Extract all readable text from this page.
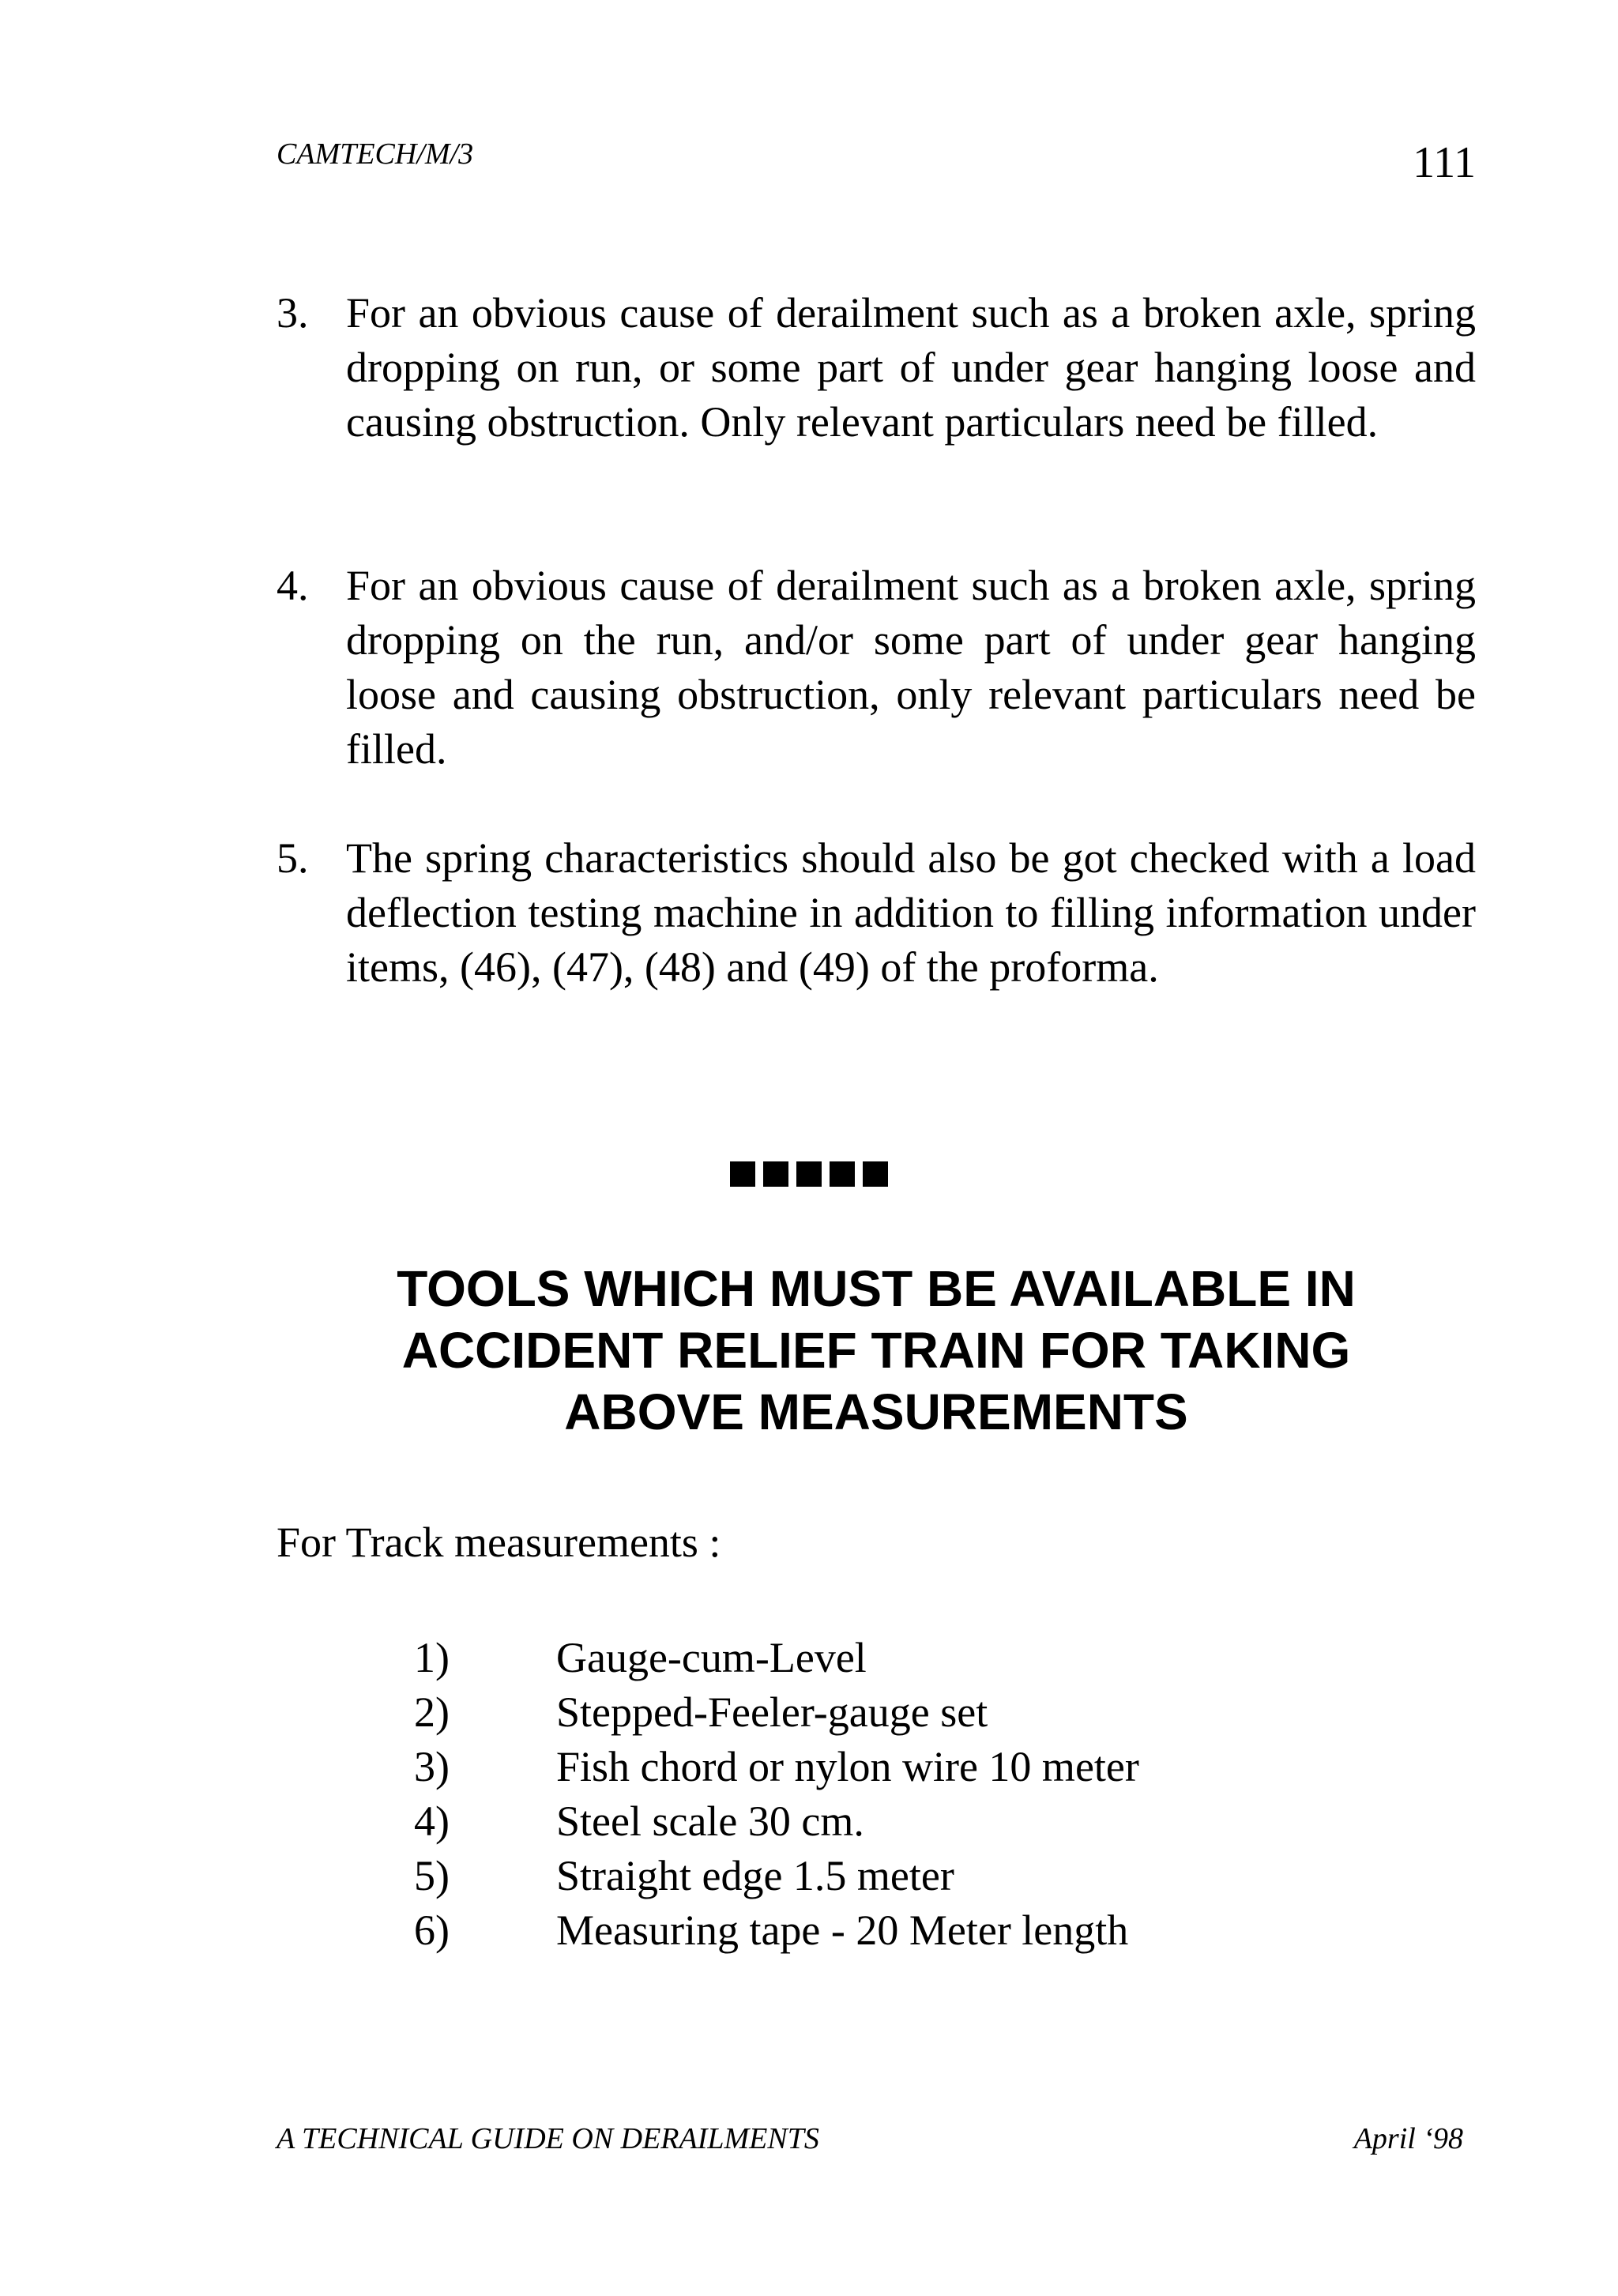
CAMTECH/M/3	111
3. For an obvious cause of derailment such as a broken axle, spring dropping on run, or some part of under gear hanging loose and causing obstruction. Only relevant particulars need be filled.
4. For an obvious cause of derailment such as a broken axle, spring dropping on the run, and/or some part of under gear hanging loose and causing obstruction, only relevant particulars need be filled.
5. The spring characteristics should also be got checked with a load deflection testing machine in addition to filling information under items, (46), (47), (48) and (49) of the proforma.
TOOLS WHICH MUST BE AVAILABLE IN
ACCIDENT RELIEF TRAIN FOR TAKING
ABOVE MEASUREMENTS
For Track measurements :
1)	Gauge-cum-Level
2)	Stepped-Feeler-gauge set
3)	Fish chord or nylon wire 10 meter
4)	Steel scale 30 cm.
5)	Straight edge 1.5 meter
6)	Measuring tape - 20 Meter length
A TECHNICAL GUIDE ON DERAILMENTS	April ‘98
